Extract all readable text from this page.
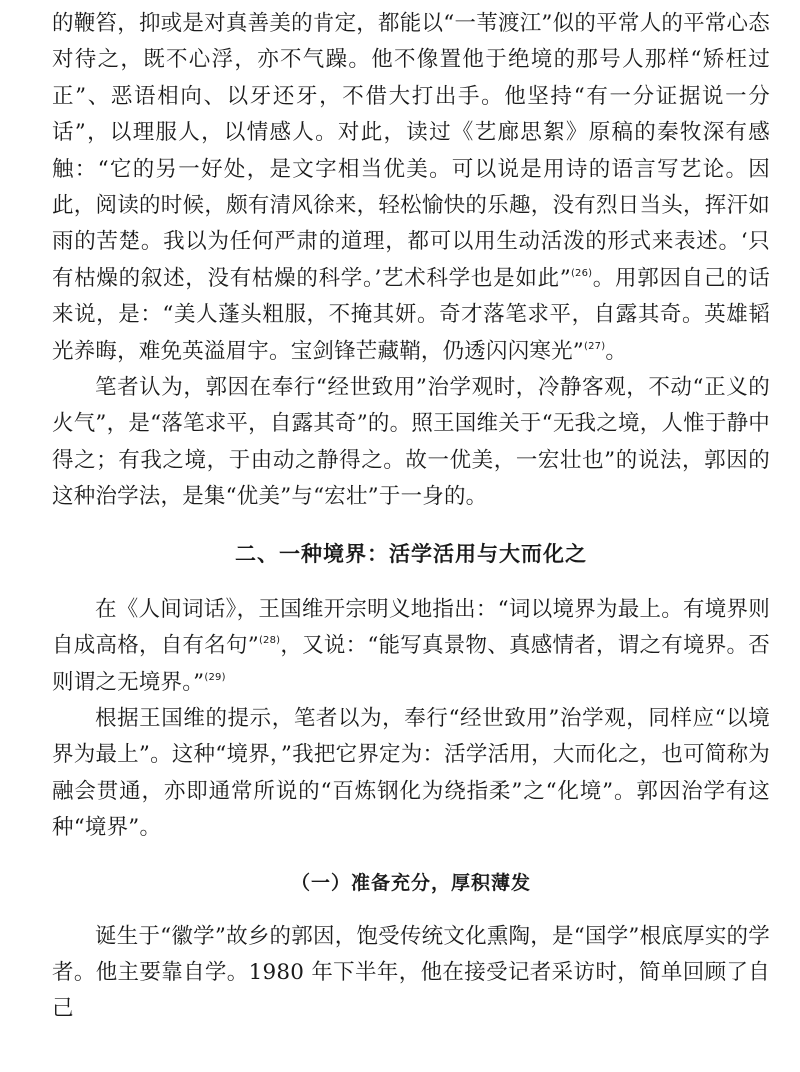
的鞭笞，抑或是对真善美的肯定，都能以“一苇渡江”似的平常人的平常心态对待之，既不心浮，亦不气躁。他不像置他于绝境的那号人那样“矫枉过正”、恶语相向、以牙还牙，不借大打出手。他坚持“有一分证据说一分话”，以理服人，以情感人。对此，读过《艺廊思絮》原稿的秦牧深有感触：“它的另一好处，是文字相当优美。可以说是用诗的语言写艺论。因此，阅读的时候，颇有清风徐来，轻松愉快的乐趣，没有烈日当头，挥汗如雨的苦楚。我以为任何严肃的道理，都可以用生动活泼的形式来表述。‘只有枯燥的叙述，没有枯燥的科学。’艺术科学也是如此”$^{(26)}$。用郭因自己的话来说，是：“美人蓬头粗服，不掩其妍。奇才落笔求平，自露其奇。英雄韬光养晦，难免英溢眉宇。宝剑锋芒藏鞘，仍透闪闪寒光”$^{(27)}$。

笔者认为，郭因在奉行“经世致用”治学观时，冷静客观，不动“正义的火气”，是“落笔求平，自露其奇”的。照王国维关于“无我之境，人惟于静中得之；有我之境，于由动之静得之。故一优美，一宏壮也”的说法，郭因的这种治学法，是集“优美”与“宏壮”于一身的。

二、一种境界：活学活用与大而化之

在《人间词话》，王国维开宗明义地指出：“词以境界为最上。有境界则自成高格，自有名句”$^{(28)}$，又说：“能写真景物、真感情者，谓之有境界。否则谓之无境界。”$^{(29)}$

根据王国维的提示，笔者以为，奉行“经世致用”治学观，同样应“以境界为最上”。这种“境界，”我把它界定为：活学活用，大而化之，也可简称为融会贯通，亦即通常所说的“百炼钢化为绕指柔”之“化境”。郭因治学有这种“境界”。

（一）准备充分，厚积薄发

诞生于“徽学”故乡的郭因，饱受传统文化熏陶，是“国学”根底厚实的学者。他主要靠自学。1980 年下半年，他在接受记者采访时，简单回顾了自己
